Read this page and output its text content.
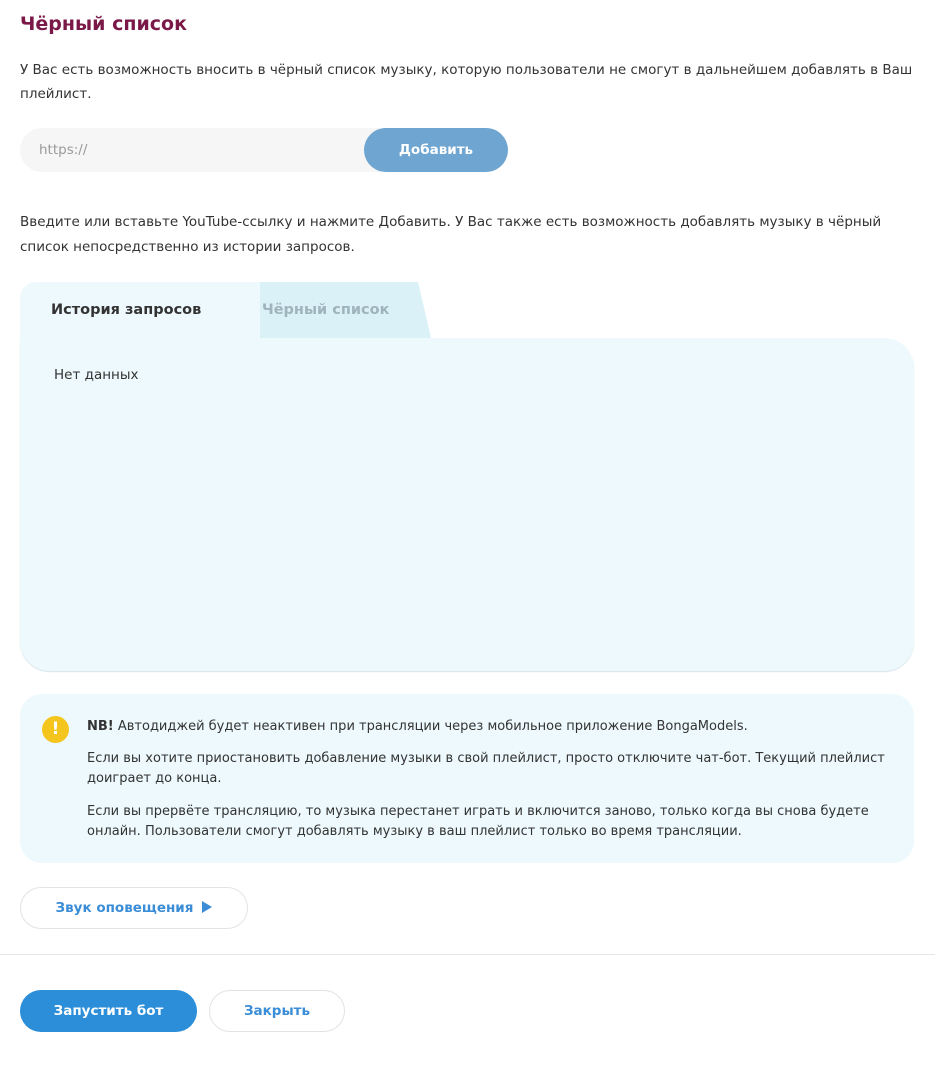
Чёрный список
У Вас есть возможность вносить в чёрный список музыку, которую пользователи не смогут в дальнейшем добавлять в Ваш плейлист.
https://
Добавить
Введите или вставьте YouTube-ссылку и нажмите Добавить. У Вас также есть возможность добавлять музыку в чёрный список непосредственно из истории запросов.
Чёрный список
История запросов
Нет данных
!	NB! Автодиджей будет неактивен при трансляции через мобильное приложение BongaModels.

Если вы хотите приостановить добавление музыки в свой плейлист, просто отключите чат-бот. Текущий плейлист доиграет до конца.

Если вы прервёте трансляцию, то музыка перестанет играть и включится заново, только когда вы снова будете онлайн. Пользователи смогут добавлять музыку в ваш плейлист только во время трансляции.

Звук оповещения
Запустить бот	Закрыть
